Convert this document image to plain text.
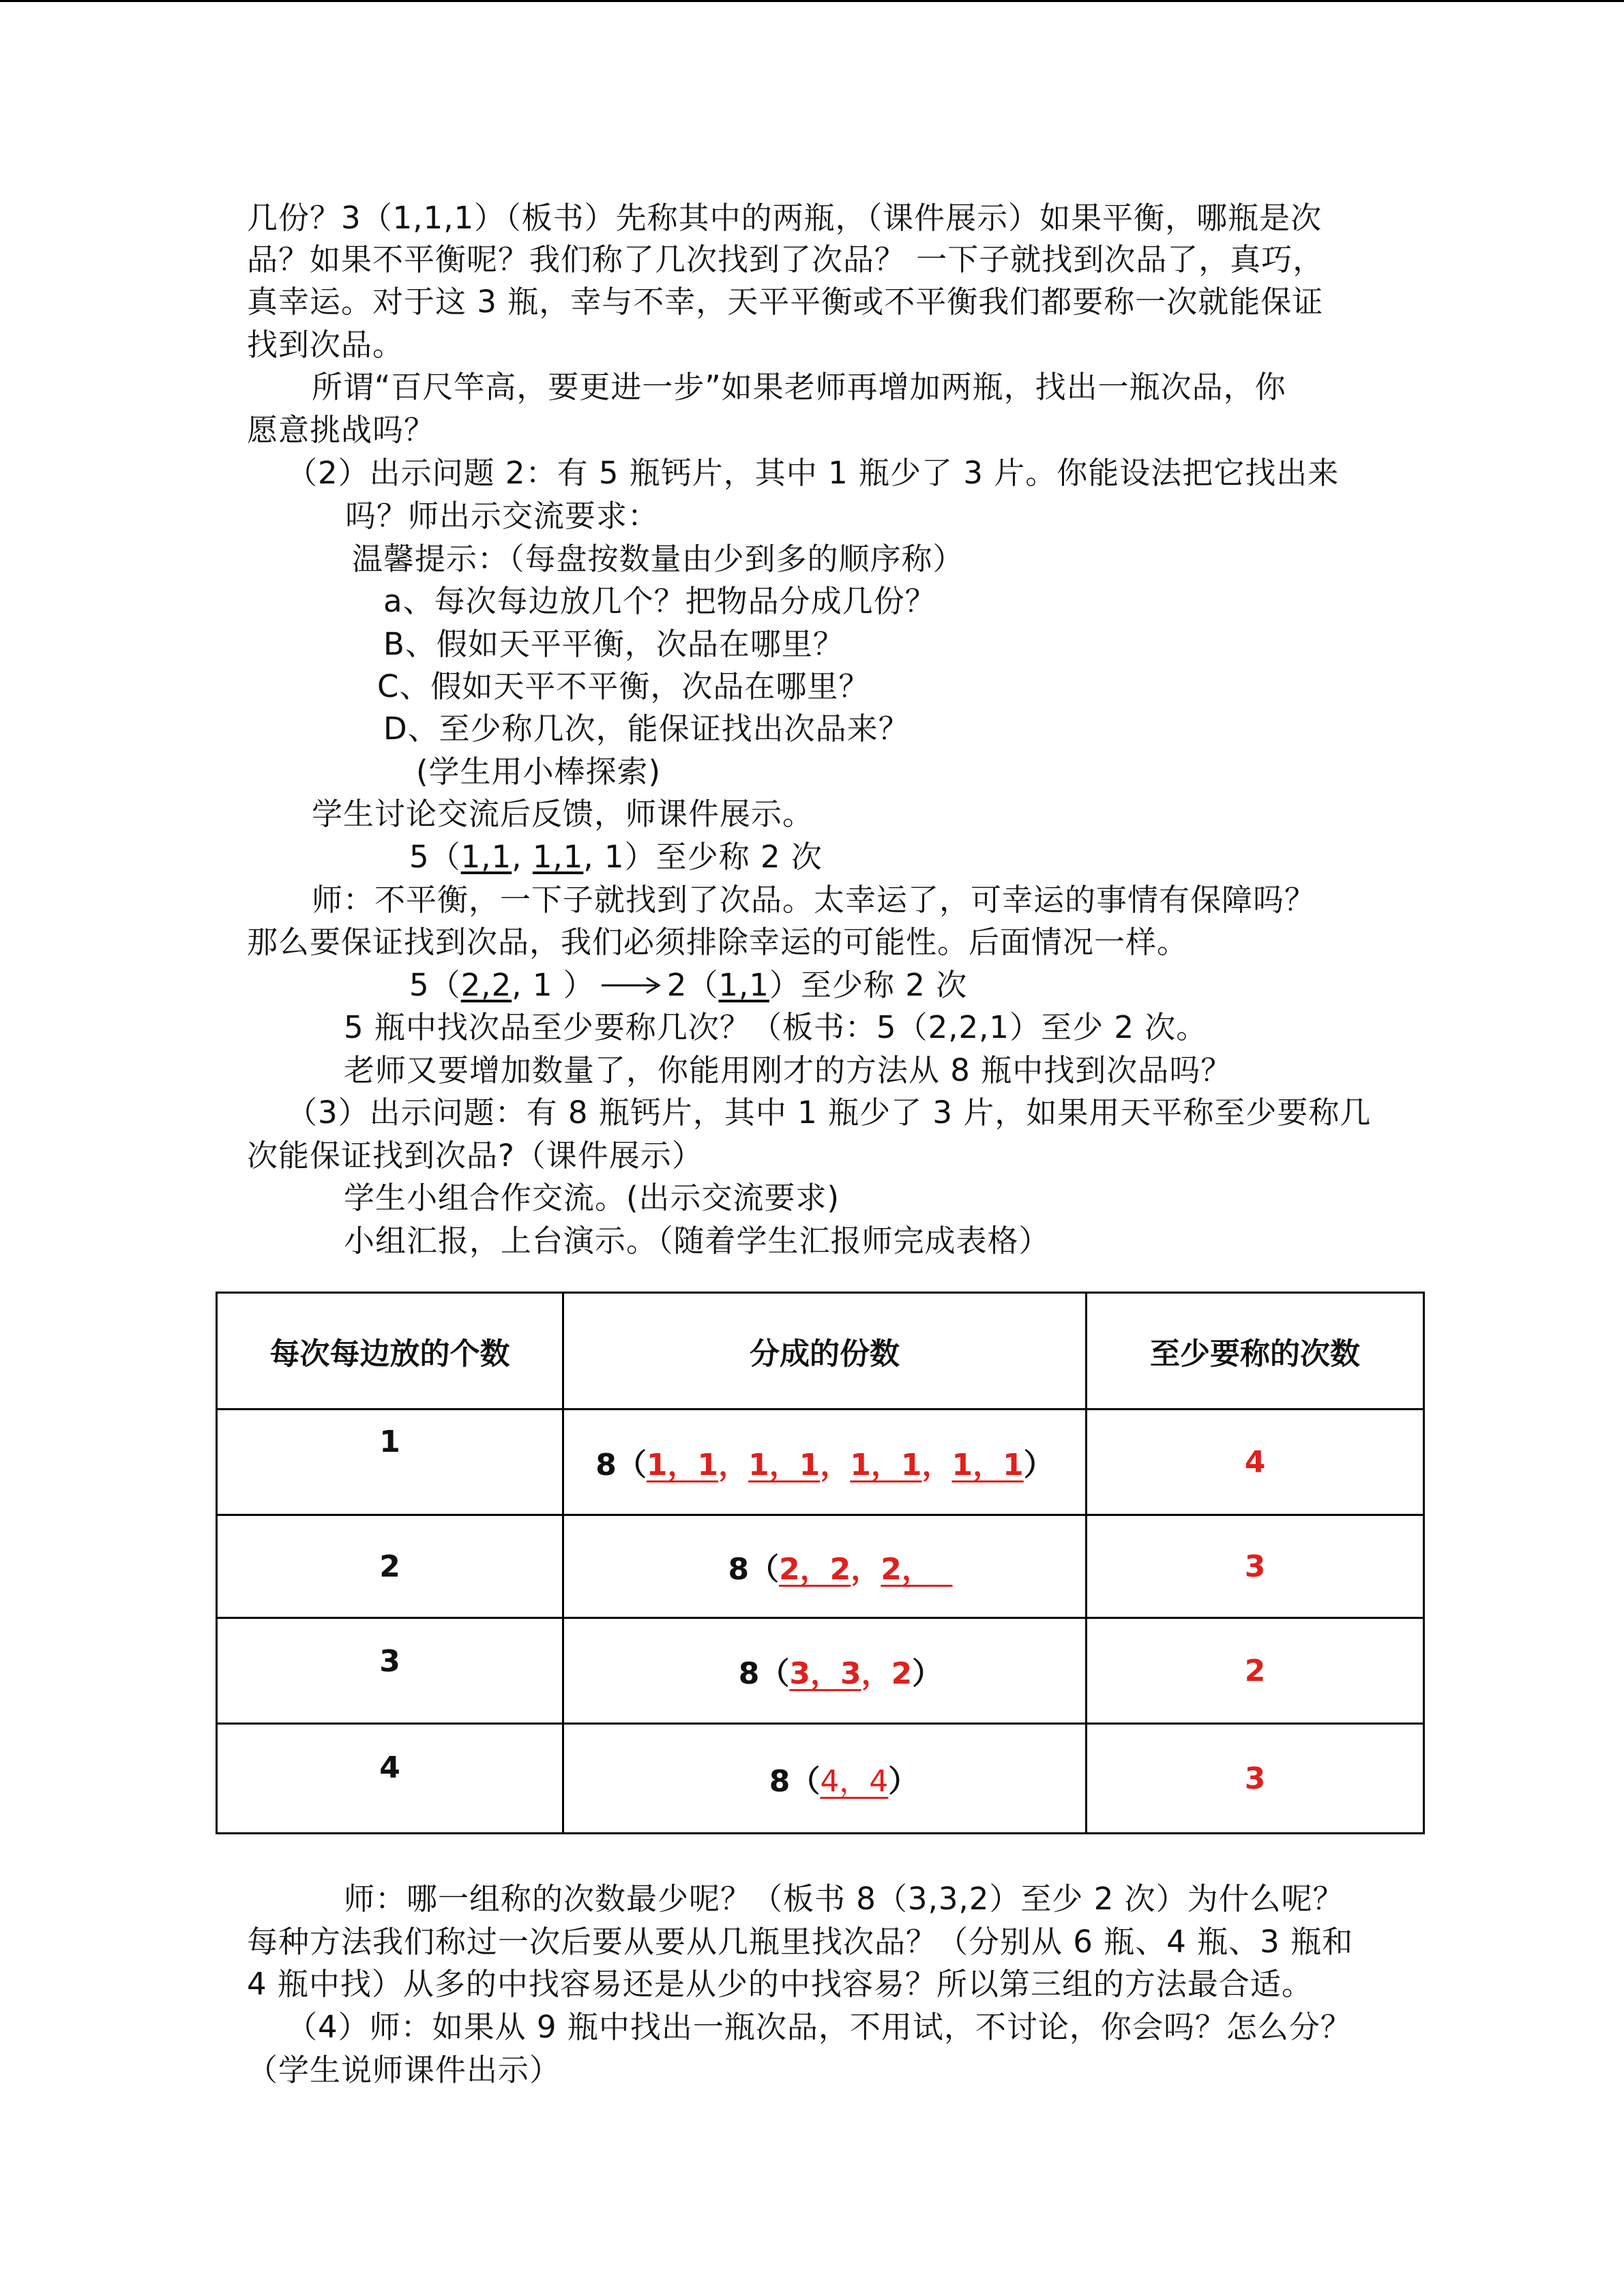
几份？3（1,1,1）（板书）先称其中的两瓶，（课件展示）如果平衡，哪瓶是次
品？如果不平衡呢？我们称了几次找到了次品？ 一下子就找到次品了，真巧，
真幸运。对于这 3 瓶，幸与不幸，天平平衡或不平衡我们都要称一次就能保证
找到次品。
所谓“百尺竿高，要更进一步”如果老师再增加两瓶，找出一瓶次品，你
愿意挑战吗？
（2）出示问题 2：有 5 瓶钙片，其中 1 瓶少了 3 片。你能设法把它找出来
吗？师出示交流要求：
温馨提示：（每盘按数量由少到多的顺序称）
a、每次每边放几个？把物品分成几份？
B、假如天平平衡，次品在哪里？
C、假如天平不平衡，次品在哪里？
D、至少称几次，能保证找出次品来？
(学生用小棒探索)
学生讨论交流后反馈，师课件展示。
5（1,1, 1,1, 1）至少称 2 次
师：不平衡，一下子就找到了次品。太幸运了，可幸运的事情有保障吗？
那么要保证找到次品，我们必须排除幸运的可能性。后面情况一样。
5（2,2, 1 ） 2（1,1）至少称 2 次
5 瓶中找次品至少要称几次？（板书：5（2,2,1）至少 2 次。
老师又要增加数量了，你能用刚才的方法从 8 瓶中找到次品吗？
（3）出示问题：有 8 瓶钙片，其中 1 瓶少了 3 片，如果用天平称至少要称几
次能保证找到次品?（课件展示）
学生小组合作交流。(出示交流要求)
小组汇报，上台演示。（随着学生汇报师完成表格）
每次每边放的个数	分成的份数	至少要称的次数

1	8（1，1，1，1，1，1，1，1）	4

2	8（2，2，2，	3

3	8（3，3，2）	2

4	8（4，4）	3
师：哪一组称的次数最少呢？（板书 8（3,3,2）至少 2 次）为什么呢？
每种方法我们称过一次后要从要从几瓶里找次品？（分别从 6 瓶、4 瓶、3 瓶和
4 瓶中找）从多的中找容易还是从少的中找容易？所以第三组的方法最合适。
（4）师：如果从 9 瓶中找出一瓶次品，不用试，不讨论，你会吗？怎么分？
（学生说师课件出示）
